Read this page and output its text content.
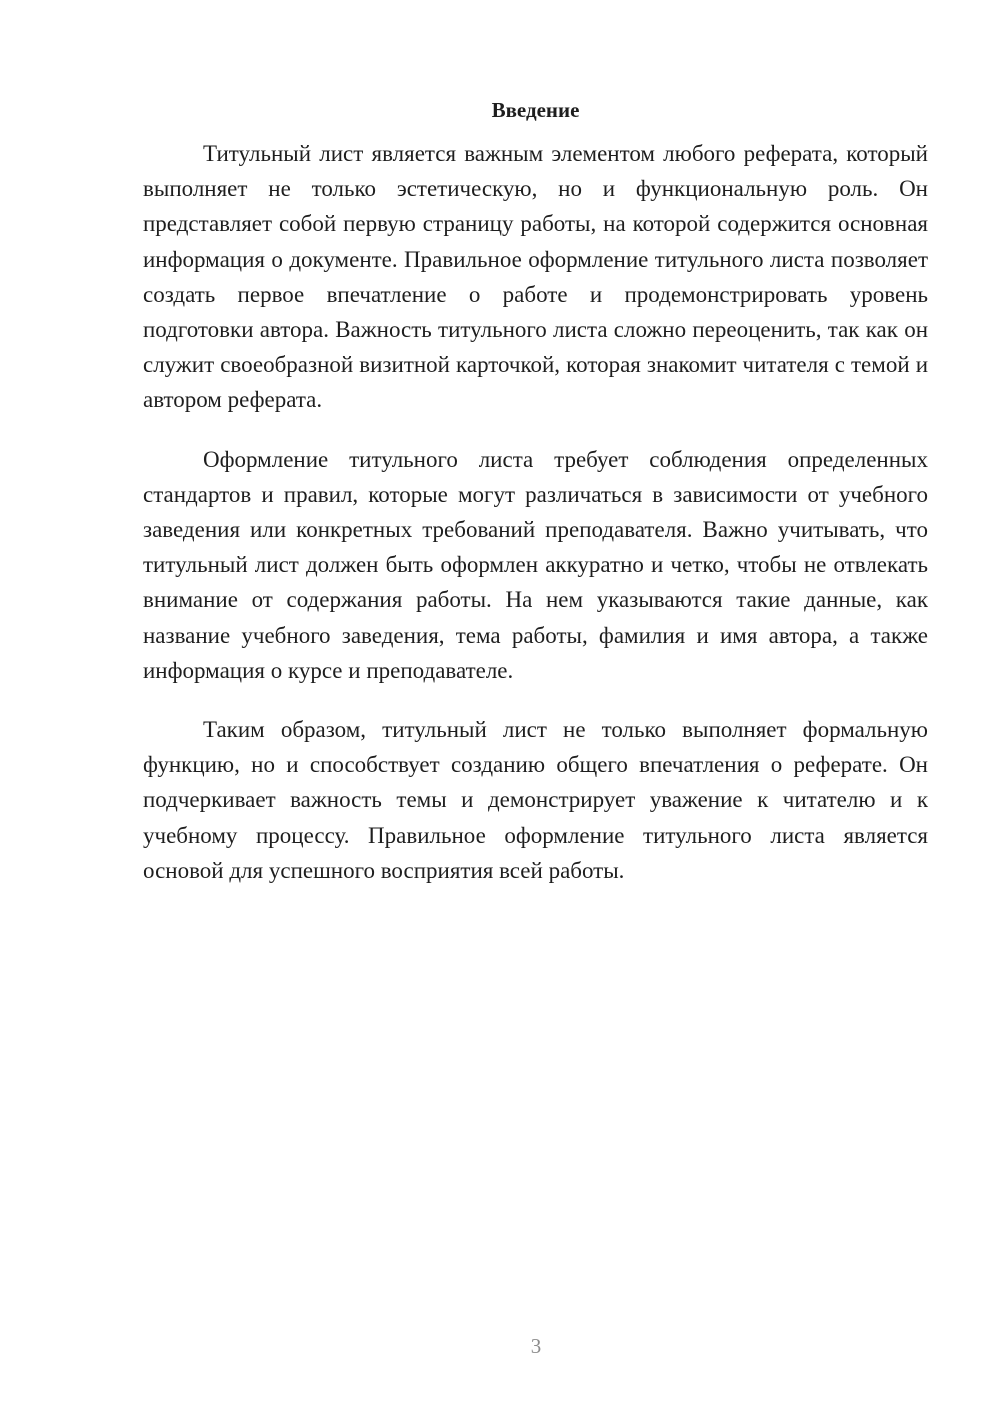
Введение

Титульный лист является важным элементом любого реферата, который выполняет не только эстетическую, но и функциональную роль. Он представляет собой первую страницу работы, на которой содержится основная информация о документе. Правильное оформление титульного листа позволяет создать первое впечатление о работе и продемонстрировать уровень подготовки автора. Важность титульного листа сложно переоценить, так как он служит своеобразной визитной карточкой, которая знакомит читателя с темой и автором реферата.

Оформление титульного листа требует соблюдения определенных стандартов и правил, которые могут различаться в зависимости от учебного заведения или конкретных требований преподавателя. Важно учитывать, что титульный лист должен быть оформлен аккуратно и четко, чтобы не отвлекать внимание от содержания работы. На нем указываются такие данные, как название учебного заведения, тема работы, фамилия и имя автора, а также информация о курсе и преподавателе.

Таким образом, титульный лист не только выполняет формальную функцию, но и способствует созданию общего впечатления о реферате. Он подчеркивает важность темы и демонстрирует уважение к читателю и к учебному процессу. Правильное оформление титульного листа является основой для успешного восприятия всей работы.

3
